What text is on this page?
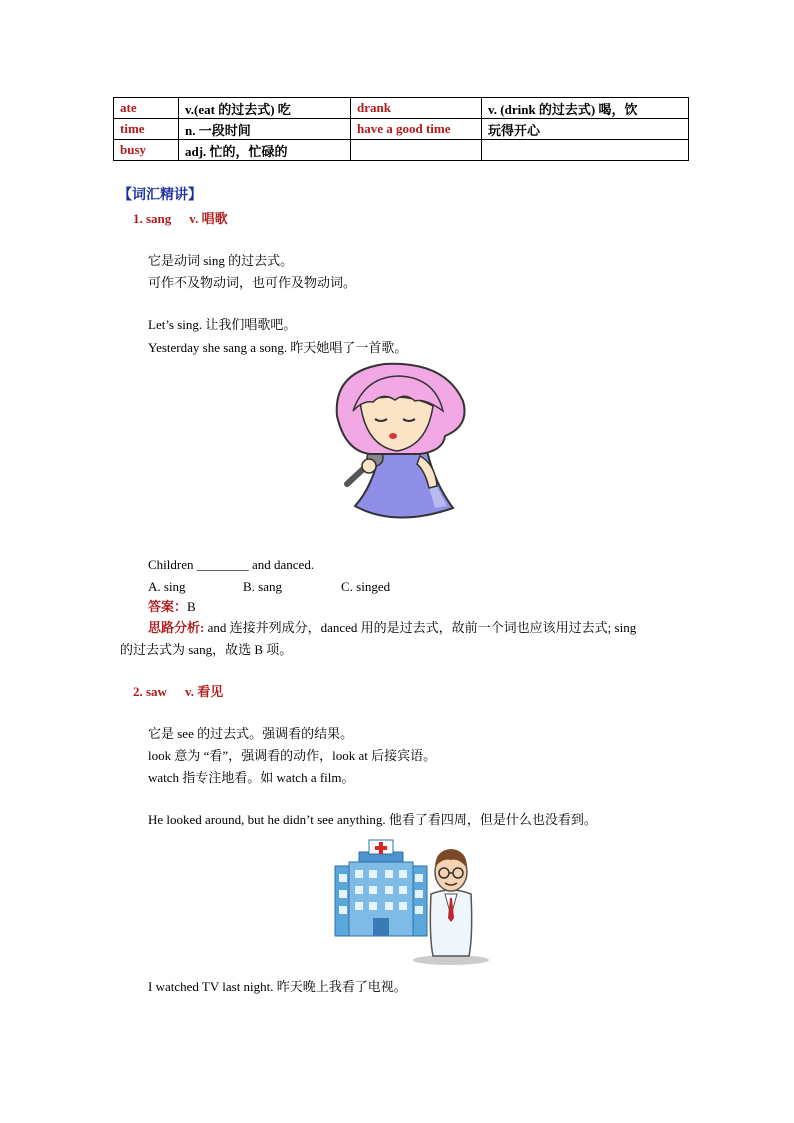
ate	v.(eat 的过去式) 吃	drank	v. (drink 的过去式) 喝，饮
time	n. 一段时间	have a good time	玩得开心
busy	adj. 忙的，忙碌的		
【词汇精讲】
1. sang v. 唱歌
它是动词 sing 的过去式。
可作不及物动词，也可作及物动词。
Let’s sing. 让我们唱歌吧。
Yesterday she sang a song. 昨天她唱了一首歌。
Children ________ and danced.
A. sing	B. sang	C. singed
答案：B
思路分析: and 连接并列成分，danced 用的是过去式，故前一个词也应该用过去式; sing
的过去式为 sang，故选 B 项。
2. saw v. 看见
它是 see 的过去式。强调看的结果。
look 意为 “看”，强调看的动作，look at 后接宾语。
watch 指专注地看。如 watch a film。
He looked around, but he didn’t see anything. 他看了看四周，但是什么也没看到。
I watched TV last night. 昨天晚上我看了电视。
